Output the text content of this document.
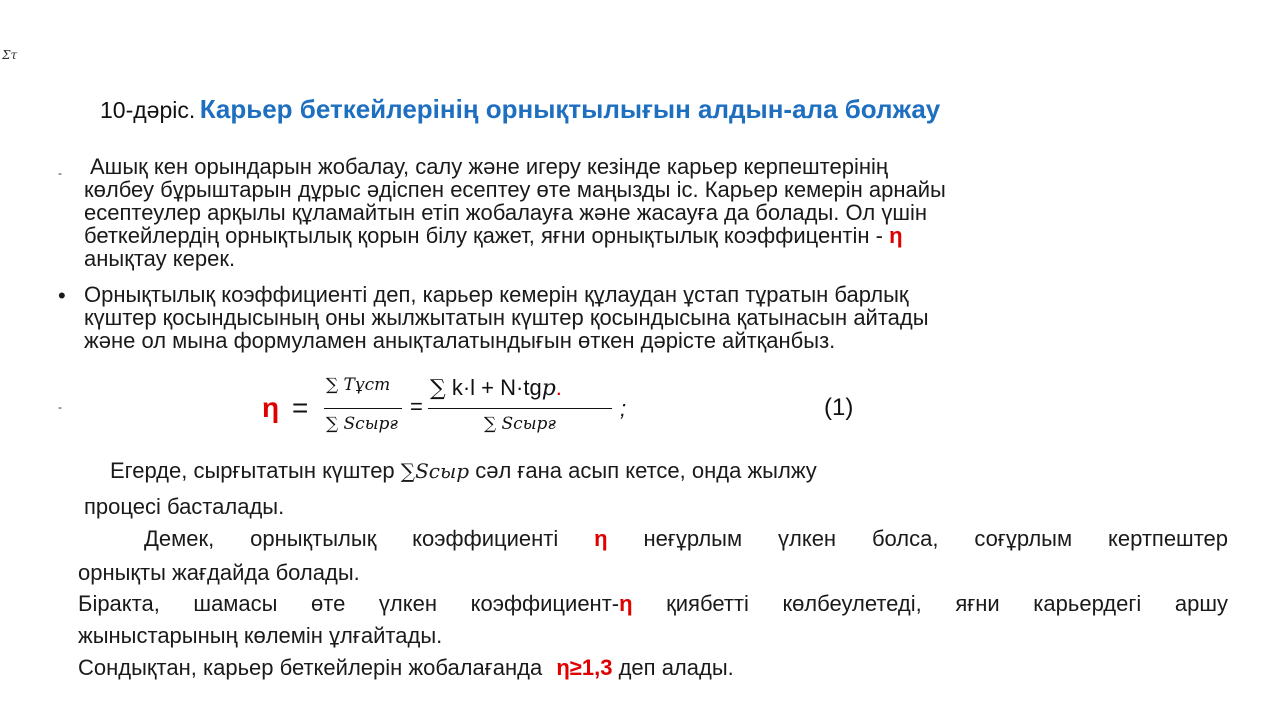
Στ
10-дәріс. Карьер беткейлерінің орнықтылығын алдын-ала болжау
- Ашық кен орындарын жобалау, салу және игеру кезінде карьер керпештерінің
көлбеу бұрыштарын дұрыс әдіспен есептеу өте маңызды іс. Карьер кемерін арнайы
есептеулер арқылы құламайтын етіп жобалауға және жасауға да болады. Ол үшін
беткейлердің орнықтылық қорын білу қажет, яғни орнықтылық коэффицентін - η
анықтау керек.
• Орнықтылық коэффициенті деп, карьер кемерін құлаудан ұстап тұратын барлық
күштер қосындысының оны жылжытатын күштер қосындысына қатынасын айтады
және ол мына формуламен анықталатындығын өткен дәрісте айтқанбыз.
-	η =
∑ Tұст
∑ Sсырғ
=
∑ k·l + N·tgp.
∑ Sсырғ
;	(1)
Егерде, сырғытатын күштер ∑Sсыр сәл ғана асып кетсе, онда жылжу
процесі басталады.
Демек, орнықтылық коэффициенті η неғұрлым үлкен болса, соғұрлым кертпештер
орнықты жағдайда болады.
Біракта, шамасы өте үлкен коэффициент-η қиябетті көлбеулетеді, яғни карьердегі аршу
жыныстарының көлемін ұлғайтады.
Сондықтан, карьер беткейлерін жобалағанда η≥1,3 деп алады.
